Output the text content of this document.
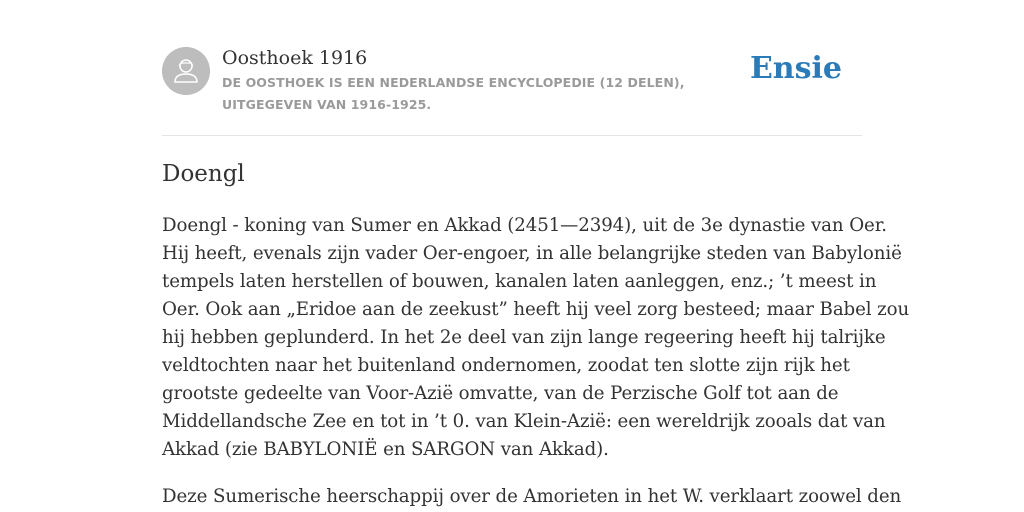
Oosthoek 1916
DE OOSTHOEK IS EEN NEDERLANDSE ENCYCLOPEDIE (12 DELEN), UITGEGEVEN VAN 1916-1925.
Ensie
Doengl

Doengl - koning van Sumer en Akkad (2451—2394), uit de 3e dynastie van Oer.
Hij heeft, evenals zijn vader Oer-engoer, in alle belangrijke steden van Babylonië
tempels laten herstellen of bouwen, kanalen laten aanleggen, enz.; ’t meest in
Oer. Ook aan „Eridoe aan de zeekust” heeft hij veel zorg besteed; maar Babel zou
hij hebben geplunderd. In het 2e deel van zijn lange regeering heeft hij talrijke
veldtochten naar het buitenland ondernomen, zoodat ten slotte zijn rijk het
grootste gedeelte van Voor-Azië omvatte, van de Perzische Golf tot aan de
Middellandsche Zee en tot in ’t 0. van Klein-Azië: een wereldrijk zooals dat van
Akkad (zie BABYLONIË en SARGON van Akkad).

Deze Sumerische heerschappij over de Amorieten in het W. verklaart zoowel den
